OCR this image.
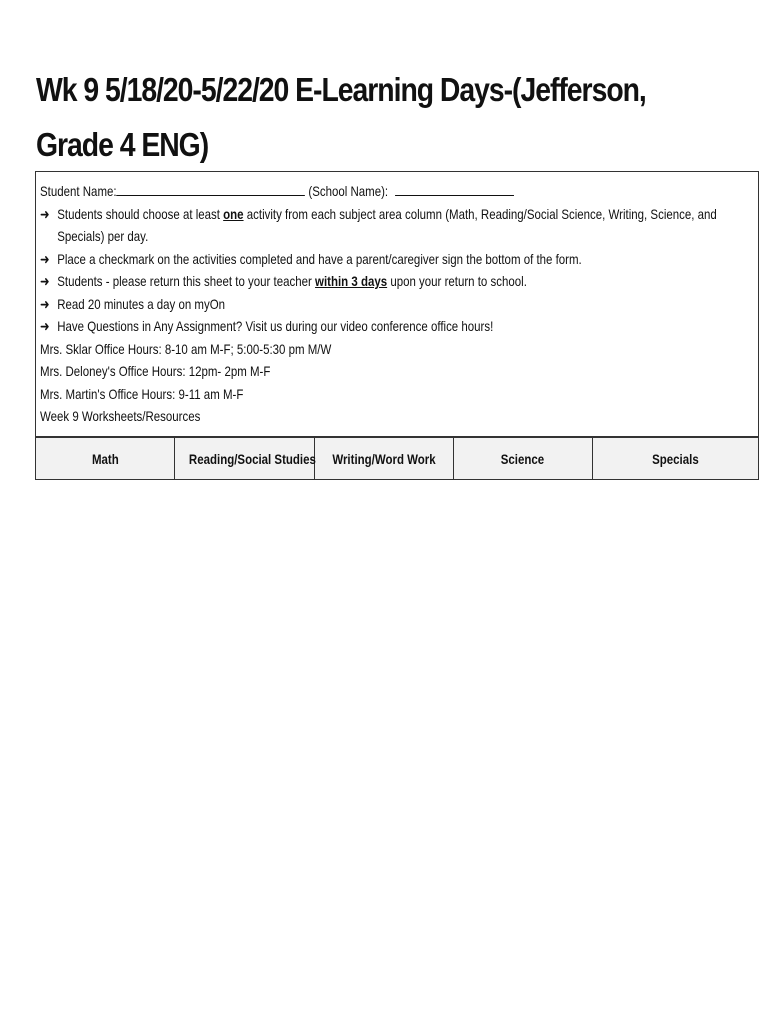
Wk 9 5/18/20-5/22/20 E-Learning Days-(Jefferson, Grade 4 ENG)
Student Name:	(School Name):
➜ Students should choose at least one activity from each subject area column (Math, Reading/Social Science, Writing, Science, and Specials) per day.
➜ Place a checkmark on the activities completed and have a parent/caregiver sign the bottom of the form.
➜ Students - please return this sheet to your teacher within 3 days upon your return to school.
➜ Read 20 minutes a day on myOn
➜ Have Questions in Any Assignment? Visit us during our video conference office hours!
Mrs. Sklar Office Hours: 8-10 am M-F; 5:00-5:30 pm M/W
Mrs. Deloney's Office Hours: 12pm- 2pm M-F
Mrs. Martin's Office Hours: 9-11 am M-F
Week 9 Worksheets/Resources
Math	Reading/Social Studies	Writing/Word Work	Science	Specials
